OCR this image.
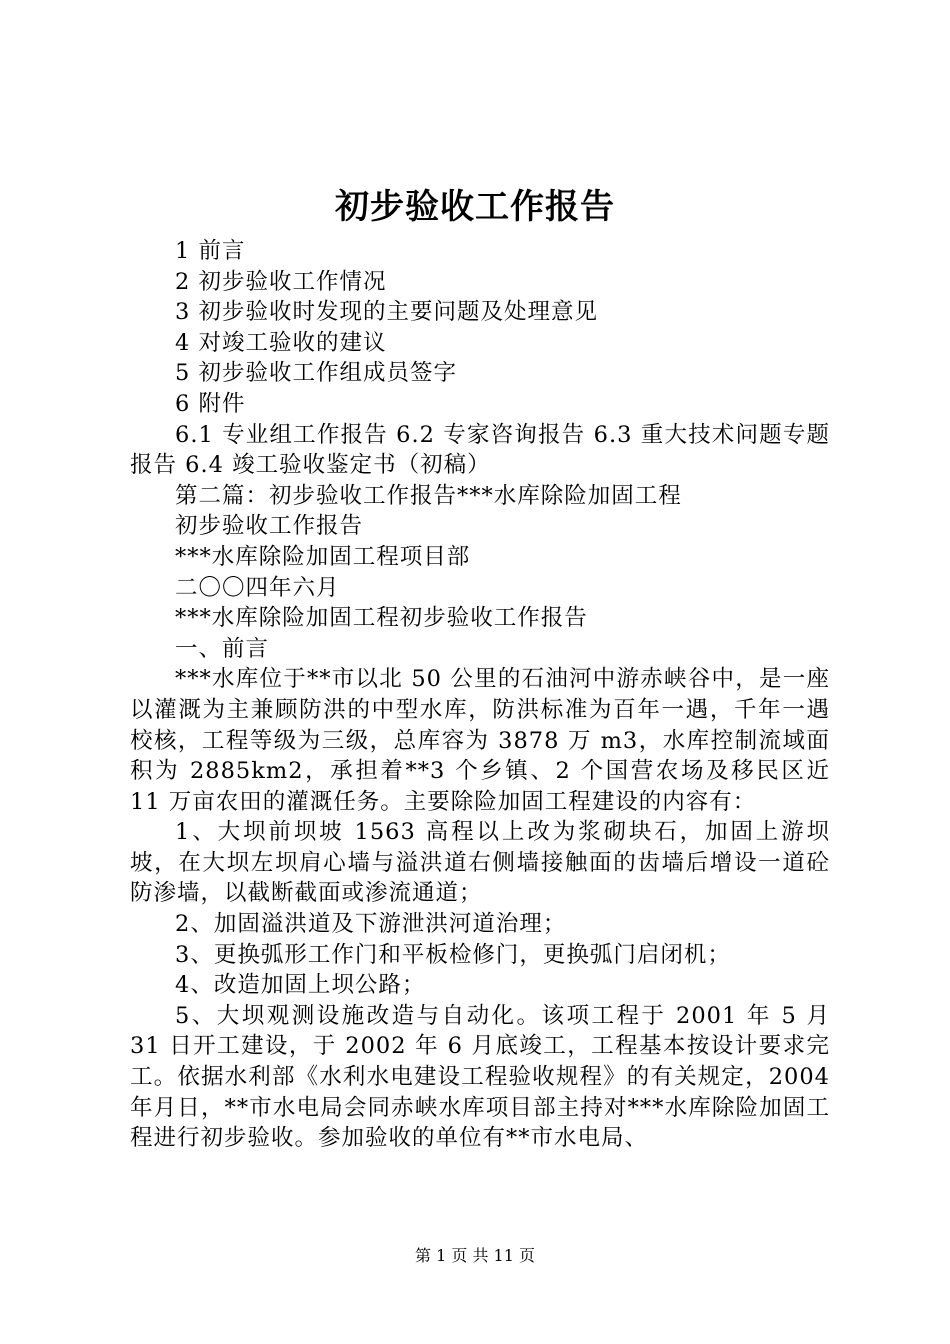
初步验收工作报告

1 前言

2 初步验收工作情况

3 初步验收时发现的主要问题及处理意见

4 对竣工验收的建议

5 初步验收工作组成员签字

6 附件

6.1 专业组工作报告 6.2 专家咨询报告 6.3 重大技术问题专题报告 6.4 竣工验收鉴定书（初稿）

第二篇：初步验收工作报告***水库除险加固工程

初步验收工作报告

***水库除险加固工程项目部

二〇〇四年六月

***水库除险加固工程初步验收工作报告

一、前言

***水库位于**市以北 50 公里的石油河中游赤峡谷中，是一座以灌溉为主兼顾防洪的中型水库，防洪标准为百年一遇，千年一遇校核，工程等级为三级，总库容为 3878 万 m3，水库控制流域面积为 2885km2，承担着**3 个乡镇、2 个国营农场及移民区近 11 万亩农田的灌溉任务。主要除险加固工程建设的内容有：

1、大坝前坝坡 1563 高程以上改为浆砌块石，加固上游坝坡，在大坝左坝肩心墙与溢洪道右侧墙接触面的齿墙后增设一道砼防渗墙，以截断截面或渗流通道；

2、加固溢洪道及下游泄洪河道治理；

3、更换弧形工作门和平板检修门，更换弧门启闭机；

4、改造加固上坝公路；

5、大坝观测设施改造与自动化。该项工程于 2001 年 5 月 31 日开工建设，于 2002 年 6 月底竣工，工程基本按设计要求完工。依据水利部《水利水电建设工程验收规程》的有关规定，2004 年月日，**市水电局会同赤峡水库项目部主持对***水库除险加固工程进行初步验收。参加验收的单位有**市水电局、

第 1 页 共 11 页
